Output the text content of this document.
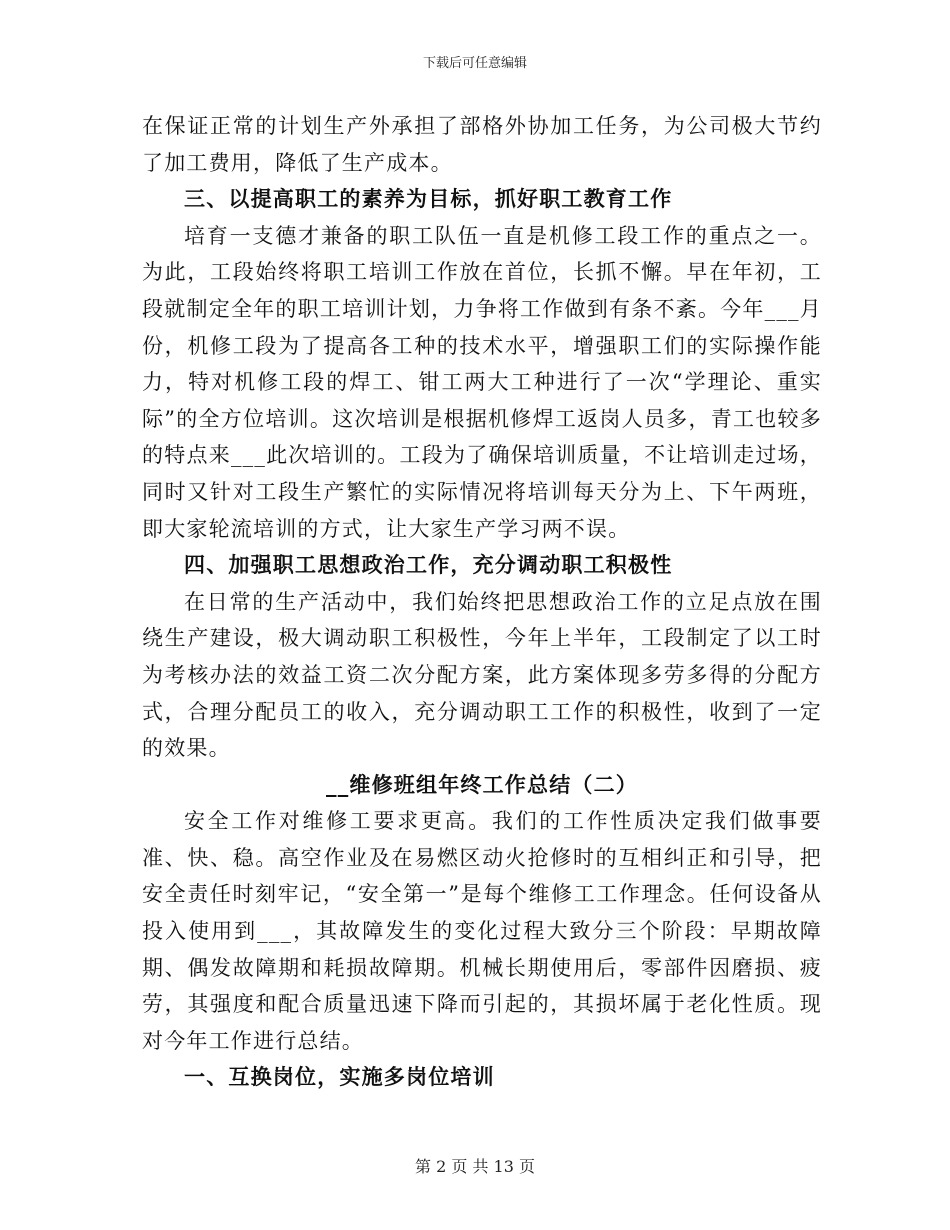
下载后可任意编辑

在保证正常的计划生产外承担了部格外协加工任务，为公司极大节约了加工费用，降低了生产成本。

三、以提高职工的素养为目标，抓好职工教育工作

培育一支德才兼备的职工队伍一直是机修工段工作的重点之一。为此，工段始终将职工培训工作放在首位，长抓不懈。早在年初，工段就制定全年的职工培训计划，力争将工作做到有条不紊。今年___月份，机修工段为了提高各工种的技术水平，增强职工们的实际操作能力，特对机修工段的焊工、钳工两大工种进行了一次“学理论、重实际”的全方位培训。这次培训是根据机修焊工返岗人员多，青工也较多的特点来___此次培训的。工段为了确保培训质量，不让培训走过场，同时又针对工段生产繁忙的实际情况将培训每天分为上、下午两班，即大家轮流培训的方式，让大家生产学习两不误。

四、加强职工思想政治工作，充分调动职工积极性

在日常的生产活动中，我们始终把思想政治工作的立足点放在围绕生产建设，极大调动职工积极性，今年上半年，工段制定了以工时为考核办法的效益工资二次分配方案，此方案体现多劳多得的分配方式，合理分配员工的收入，充分调动职工工作的积极性，收到了一定的效果。

__维修班组年终工作总结（二）

安全工作对维修工要求更高。我们的工作性质决定我们做事要准、快、稳。高空作业及在易燃区动火抢修时的互相纠正和引导，把安全责任时刻牢记，“安全第一”是每个维修工工作理念。任何设备从投入使用到___，其故障发生的变化过程大致分三个阶段：早期故障期、偶发故障期和耗损故障期。机械长期使用后，零部件因磨损、疲劳，其强度和配合质量迅速下降而引起的，其损坏属于老化性质。现对今年工作进行总结。

一、互换岗位，实施多岗位培训
第 2 页 共 13 页
